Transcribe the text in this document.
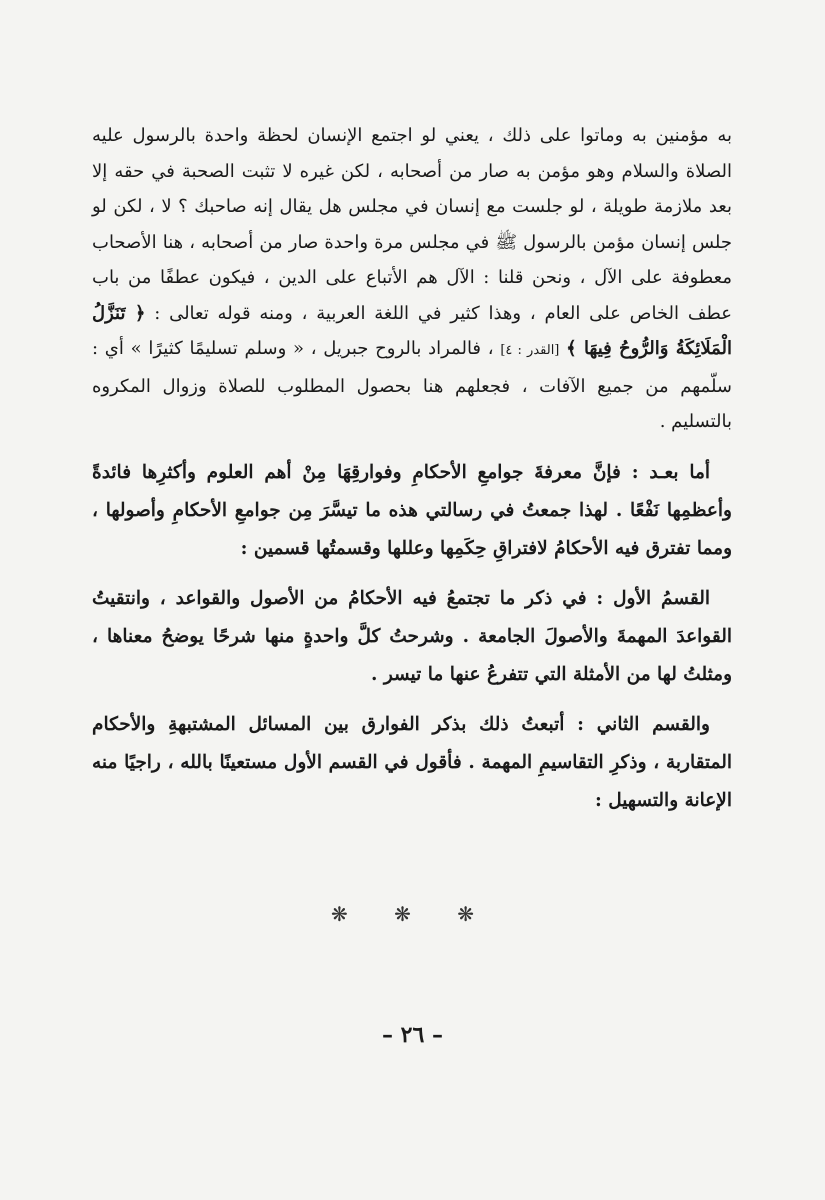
به مؤمنين به وماتوا على ذلك ، يعني لو اجتمع الإنسان لحظة واحدة بالرسول عليه الصلاة والسلام وهو مؤمن به صار من أصحابه ، لكن غيره لا تثبت الصحبة في حقه إلا بعد ملازمة طويلة ، لو جلست مع إنسان في مجلس هل يقال إنه صاحبك ؟ لا ، لكن لو جلس إنسان مؤمن بالرسول ﷺ في مجلس مرة واحدة صار من أصحابه ، هنا الأصحاب معطوفة على الآل ، ونحن قلنا : الآل هم الأتباع على الدين ، فيكون عطفًا من باب عطف الخاص على العام ، وهذا كثير في اللغة العربية ، ومنه قوله تعالى : ﴿ تَنَزَّلُ الْمَلَائِكَةُ وَالرُّوحُ فِيهَا ﴾ [القدر : ٤] ، فالمراد بالروح جبريل ، « وسلم تسليمًا كثيرًا » أي : سلّمهم من جميع الآفات ، فجعلهم هنا بحصول المطلوب للصلاة وزوال المكروه بالتسليم .

أما بعـد : فإنَّ معرفةَ جوامعِ الأحكامِ وفوارقِهَا مِنْ أهم العلوم وأكثرِها فائدةً وأعظمِها نَفْعًا . لهذا جمعتُ في رسالتي هذه ما تيسَّرَ مِن جوامعِ الأحكامِ وأصولها ، ومما تفترق فيه الأحكامُ لافتراقِ حِكَمِها وعللها وقسمتُها قسمين :

القسمُ الأول : في ذكر ما تجتمعُ فيه الأحكامُ من الأصول والقواعد ، وانتقيتُ القواعدَ المهمةَ والأصولَ الجامعة . وشرحتُ كلَّ واحدةٍ منها شرحًا يوضحُ معناها ، ومثلتُ لها من الأمثلة التي تتفرعُ عنها ما تيسر .

والقسم الثاني : أتبعتُ ذلك بذكر الفوارق بين المسائل المشتبهةِ والأحكام المتقاربة ، وذكرِ التقاسيمِ المهمة . فأقول في القسم الأول مستعينًا بالله ، راجيًا منه الإعانة والتسهيل :

❋ ❋ ❋
– ٢٦ –
